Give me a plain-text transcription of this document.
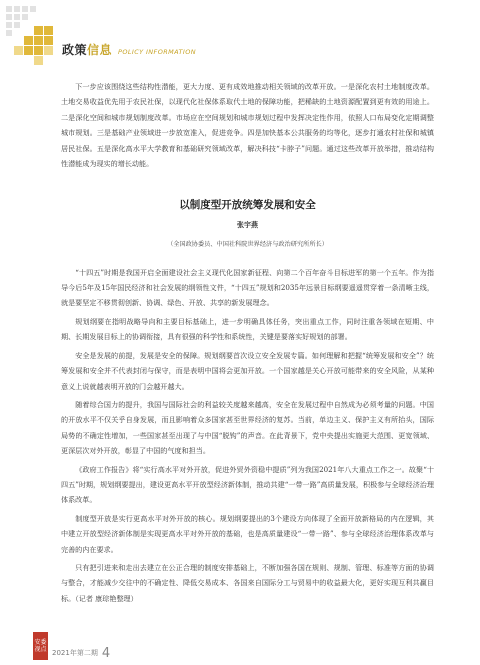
政策信息 POLICY INFORMATION

下一步应该围绕这些结构性潜能，更大力度、更有成效地推动相关领域的改革开放。一是深化农村土地制度改革。土地交易收益优先用于农民社保，以现代化社保体系取代土地的保障功能，把稀缺的土地资源配置到更有效的用途上。二是深化空间和城市规划制度改革。市场应在空间规划和城市规划过程中发挥决定性作用，依照人口布局变化定期调整城市规划。三是基础产业领域进一步放宽准入，促进竞争。四是加快基本公共服务的均等化，逐步打通农村社保和城镇居民社保。五是深化高水平大学教育和基础研究领域改革，解决科技“卡脖子”问题。通过这些改革开放举措，推动结构性潜能成为现实的增长动能。

以制度型开放统筹发展和安全
张宇燕
（全国政协委员、中国社科院世界经济与政治研究所所长）

“十四五”时期是我国开启全面建设社会主义现代化国家新征程、向第二个百年奋斗目标进军的第一个五年。作为指导今后5年及15年国民经济和社会发展的纲领性文件，“十四五”规划和2035年远景目标纲要遥遥贯穿着一条清晰主线，就是要坚定不移贯彻创新、协调、绿色、开放、共享的新发展理念。

规划纲要在指明战略导向和主要目标基础上，进一步明确具体任务，突出重点工作，同时注重各领域在短期、中期、长期发展目标上的协调衔接，具有很强的科学性和系统性，关键是要落实好规划的部署。

安全是发展的前提，发展是安全的保障。规划纲要首次设立安全发展专篇。如何理解和把握“统筹发展和安全”？统筹发展和安全并不代表封闭与保守，而是表明中国将会更加开放。一个国家越是关心开放可能带来的安全风险，从某种意义上说就越表明开放的门会越开越大。

随着综合国力的提升，我国与国际社会的利益较关度越来越高，安全在发展过程中自然成为必须考量的问题。中国的开放水平不仅关乎自身发展，而且影响着众多国家甚至世界经济的复苏。当前，单边主义、保护主义有所抬头，国际局势的不确定性增加，一些国家甚至出现了与中国“脱钩”的声音。在此背景下，党中央提出实施更大范围、更宽领域、更深层次对外开放，彰显了中国的气度和担当。

《政府工作报告》将“实行高水平对外开放，促进外贸外资稳中提质”列为我国2021年八大重点工作之一。故聚“十四五”时期，规划纲要提出，建设更高水平开放型经济新体制，推动共建“一带一路”高质量发展，积极参与全球经济治理体系改革。

制度型开放是实行更高水平对外开放的核心。规划纲要提出的3个建设方向体现了全面开放新格局的内在逻辑，其中建立开放型经济新体制是实现更高水平对外开放的基础，也是高质量建设“一带一路”、参与全球经济治理体系改革与完善的内在要求。

只有把引进来和走出去建立在公正合理的制度安排基础上，不断加强各国在规则、规制、管理、标准等方面的协调与整合，才能减少交往中的不确定性、降低交易成本、各国来自国际分工与贸易中的收益最大化，更好实现互利共赢目标。（记者 康琮艳整理）

安委 视点 2021年第二期 4
